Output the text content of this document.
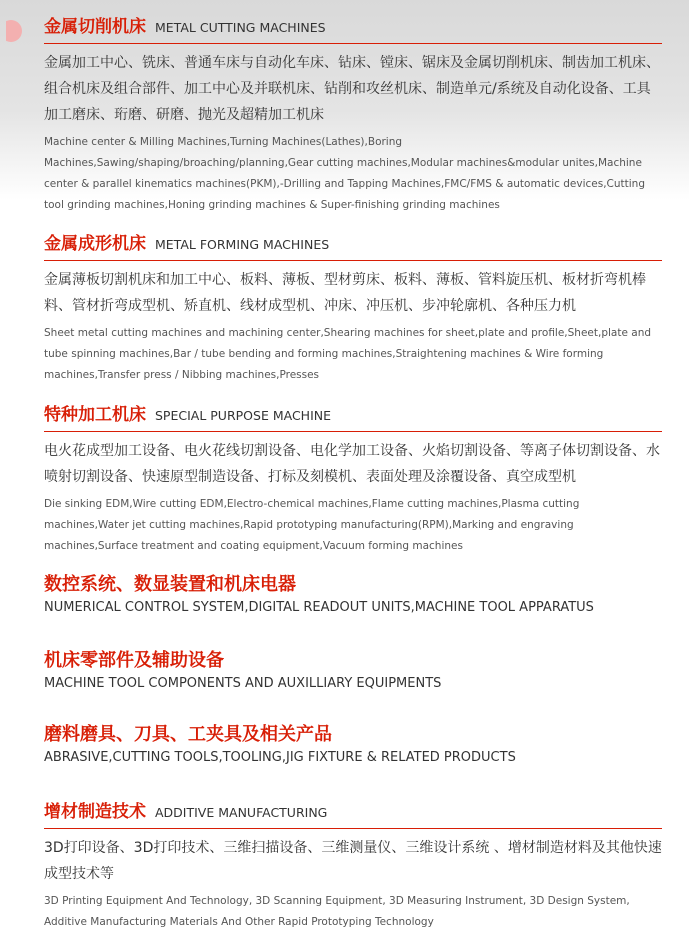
金属切削机床 METAL CUTTING MACHINES
金属加工中心、铣床、普通车床与自动化车床、钻床、镗床、锯床及金属切削机床、制齿加工机床、组合机床及组合部件、加工中心及并联机床、钻削和攻丝机床、制造单元/系统及自动化设备、工具加工磨床、珩磨、研磨、抛光及超精加工机床
Machine center & Milling Machines,Turning Machines(Lathes),Boring Machines,Sawing/shaping/broaching/planning,Gear cutting machines,Modular machines&modular unites,Machine center & parallel kinematics machines(PKM),-Drilling and Tapping Machines,FMC/FMS & automatic devices,Cutting tool grinding machines,Honing grinding machines & Super-finishing grinding machines
金属成形机床 METAL FORMING MACHINES
金属薄板切割机床和加工中心、板料、薄板、型材剪床、板料、薄板、管料旋压机、板材折弯机棒料、管材折弯成型机、矫直机、线材成型机、冲床、冲压机、步冲轮廓机、各种压力机
Sheet metal cutting machines and machining center,Shearing machines for sheet,plate and profile,Sheet,plate and tube spinning machines,Bar / tube bending and forming machines,Straightening machines & Wire forming machines,Transfer press / Nibbing machines,Presses
特种加工机床 SPECIAL PURPOSE MACHINE
电火花成型加工设备、电火花线切割设备、电化学加工设备、火焰切割设备、等离子体切割设备、水喷射切割设备、快速原型制造设备、打标及刻模机、表面处理及涂覆设备、真空成型机
Die sinking EDM,Wire cutting EDM,Electro-chemical machines,Flame cutting machines,Plasma cutting machines,Water jet cutting machines,Rapid prototyping manufacturing(RPM),Marking and engraving machines,Surface treatment and coating equipment,Vacuum forming machines
数控系统、数显装置和机床电器
NUMERICAL CONTROL SYSTEM,DIGITAL READOUT UNITS,MACHINE TOOL APPARATUS
机床零部件及辅助设备
MACHINE TOOL COMPONENTS AND AUXILLIARY EQUIPMENTS
磨料磨具、刀具、工夹具及相关产品
ABRASIVE,CUTTING TOOLS,TOOLING,JIG FIXTURE & RELATED PRODUCTS
增材制造技术 ADDITIVE MANUFACTURING
3D打印设备、3D打印技术、三维扫描设备、三维测量仪、三维设计系统 、增材制造材料及其他快速成型技术等
3D Printing Equipment And Technology, 3D Scanning Equipment, 3D Measuring Instrument, 3D Design System, Additive Manufacturing Materials And Other Rapid Prototyping Technology
